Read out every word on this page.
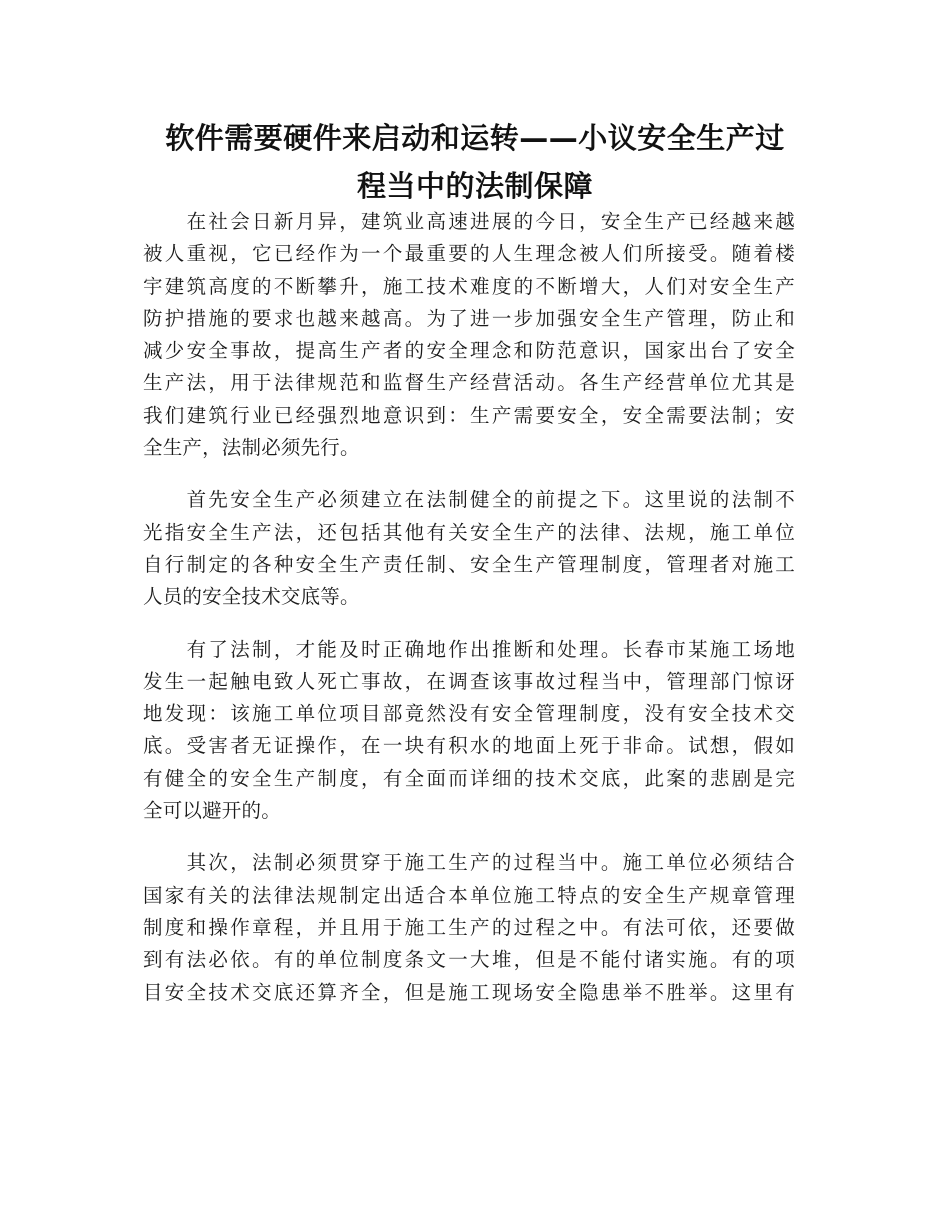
软件需要硬件来启动和运转——小议安全生产过
程当中的法制保障
　　在社会日新月异，建筑业高速进展的今日，安全生产已经越来越
被人重视，它已经作为一个最重要的人生理念被人们所接受。随着楼
宇建筑高度的不断攀升，施工技术难度的不断增大，人们对安全生产
防护措施的要求也越来越高。为了进一步加强安全生产管理，防止和
减少安全事故，提高生产者的安全理念和防范意识，国家出台了安全
生产法，用于法律规范和监督生产经营活动。各生产经营单位尤其是
我们建筑行业已经强烈地意识到：生产需要安全，安全需要法制；安
全生产，法制必须先行。
　　首先安全生产必须建立在法制健全的前提之下。这里说的法制不
光指安全生产法，还包括其他有关安全生产的法律、法规，施工单位
自行制定的各种安全生产责任制、安全生产管理制度，管理者对施工
人员的安全技术交底等。
　　有了法制，才能及时正确地作出推断和处理。长春市某施工场地
发生一起触电致人死亡事故，在调查该事故过程当中，管理部门惊讶
地发现：该施工单位项目部竟然没有安全管理制度，没有安全技术交
底。受害者无证操作，在一块有积水的地面上死于非命。试想，假如
有健全的安全生产制度，有全面而详细的技术交底，此案的悲剧是完
全可以避开的。
　　其次，法制必须贯穿于施工生产的过程当中。施工单位必须结合
国家有关的法律法规制定出适合本单位施工特点的安全生产规章管理
制度和操作章程，并且用于施工生产的过程之中。有法可依，还要做
到有法必依。有的单位制度条文一大堆，但是不能付诸实施。有的项
目安全技术交底还算齐全，但是施工现场安全隐患举不胜举。这里有
